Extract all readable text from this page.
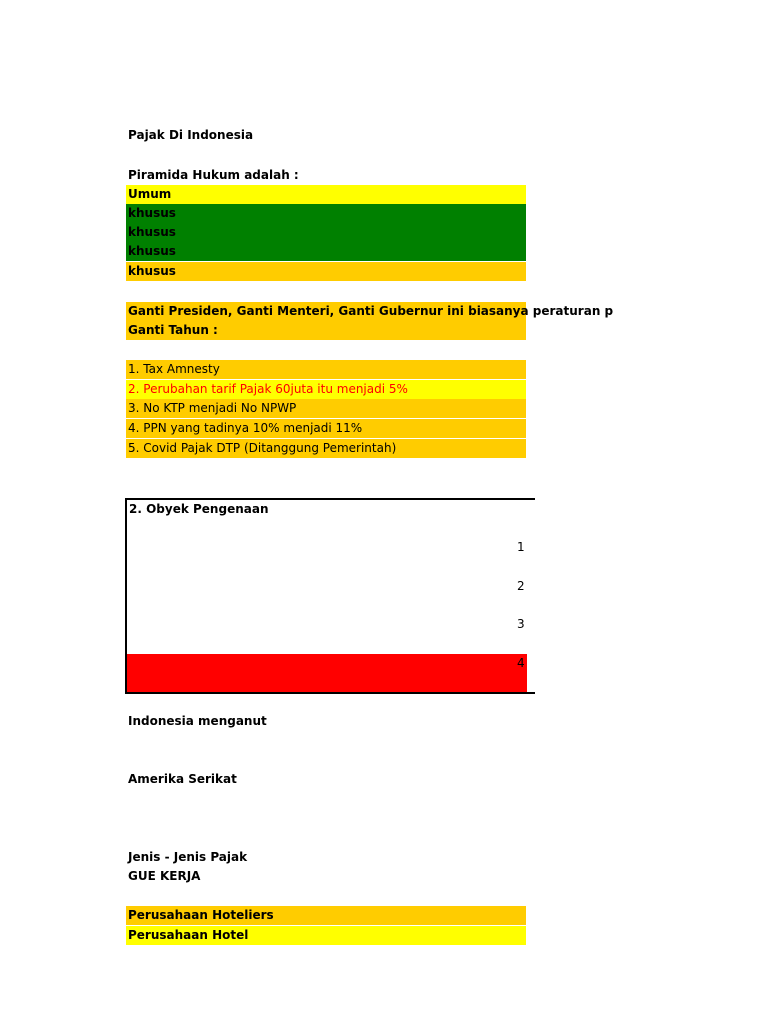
Pajak Di Indonesia
Piramida Hukum adalah :
Umum
khusus
khusus
khusus
khusus
Ganti Presiden, Ganti Menteri, Ganti Gubernur ini biasanya peraturan p
Ganti Tahun :
1. Tax Amnesty
2. Perubahan tarif Pajak 60juta itu menjadi 5%
3. No KTP menjadi No NPWP
4. PPN yang tadinya 10% menjadi 11%
5. Covid Pajak DTP (Ditanggung Pemerintah)
2. Obyek Pengenaan
1
2
3
4
Indonesia menganut
Amerika Serikat
Jenis - Jenis Pajak
GUE KERJA
Perusahaan Hoteliers
Perusahaan Hotel
